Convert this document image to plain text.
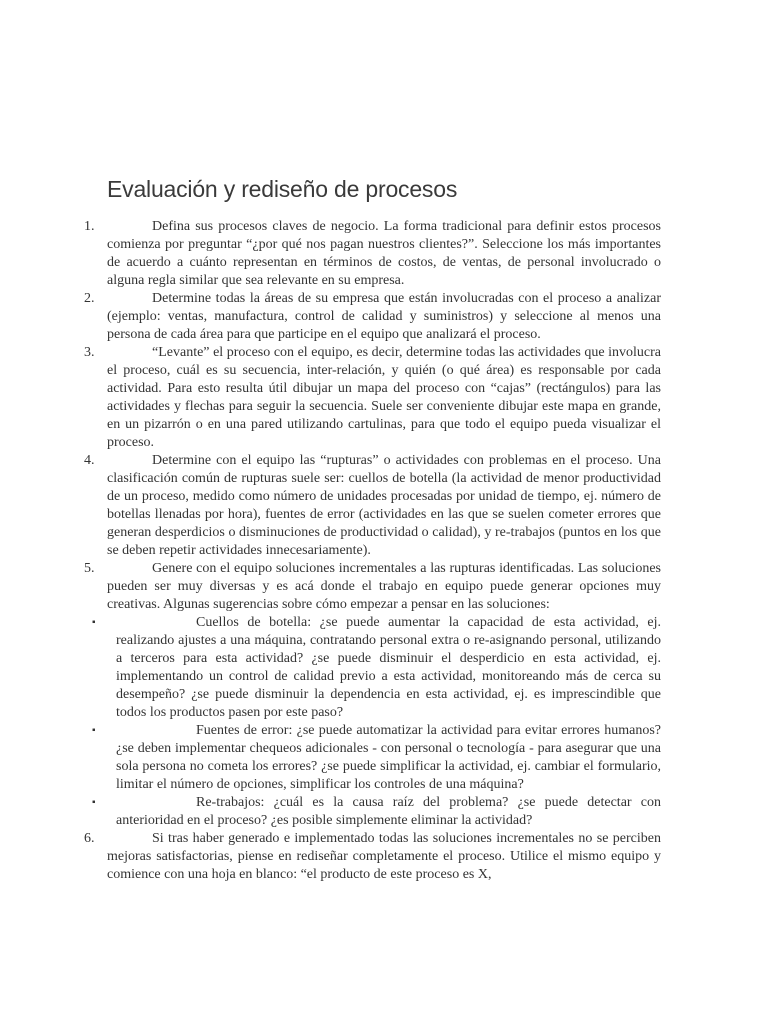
Evaluación y rediseño de procesos
1.	Defina sus procesos claves de negocio. La forma tradicional para definir estos procesos comienza por preguntar “¿por qué nos pagan nuestros clientes?”. Seleccione los más importantes de acuerdo a cuánto representan en términos de costos, de ventas, de personal involucrado o alguna regla similar que sea relevante en su empresa.

2.	Determine todas la áreas de su empresa que están involucradas con el proceso a analizar (ejemplo: ventas, manufactura, control de calidad y suministros) y seleccione al menos una persona de cada área para que participe en el equipo que analizará el proceso.

3.	“Levante” el proceso con el equipo, es decir, determine todas las actividades que involucra el proceso, cuál es su secuencia, inter-relación, y quién (o qué área) es responsable por cada actividad. Para esto resulta útil dibujar un mapa del proceso con “cajas” (rectángulos) para las actividades y flechas para seguir la secuencia. Suele ser conveniente dibujar este mapa en grande, en un pizarrón o en una pared utilizando cartulinas, para que todo el equipo pueda visualizar el proceso.

4.	Determine con el equipo las “rupturas” o actividades con problemas en el proceso. Una clasificación común de rupturas suele ser: cuellos de botella (la actividad de menor productividad de un proceso, medido como número de unidades procesadas por unidad de tiempo, ej. número de botellas llenadas por hora), fuentes de error (actividades en las que se suelen cometer errores que generan desperdicios o disminuciones de productividad o calidad), y re-trabajos (puntos en los que se deben repetir actividades innecesariamente).

5.	Genere con el equipo soluciones incrementales a las rupturas identificadas. Las soluciones pueden ser muy diversas y es acá donde el trabajo en equipo puede generar opciones muy creativas. Algunas sugerencias sobre cómo empezar a pensar en las soluciones:

▪	Cuellos de botella: ¿se puede aumentar la capacidad de esta actividad, ej. realizando ajustes a una máquina, contratando personal extra o re-asignando personal, utilizando a terceros para esta actividad? ¿se puede disminuir el desperdicio en esta actividad, ej. implementando un control de calidad previo a esta actividad, monitoreando más de cerca su desempeño? ¿se puede disminuir la dependencia en esta actividad, ej. es imprescindible que todos los productos pasen por este paso?

▪	Fuentes de error: ¿se puede automatizar la actividad para evitar errores humanos? ¿se deben implementar chequeos adicionales - con personal o tecnología - para asegurar que una sola persona no cometa los errores? ¿se puede simplificar la actividad, ej. cambiar el formulario, limitar el número de opciones, simplificar los controles de una máquina?

▪	Re-trabajos: ¿cuál es la causa raíz del problema? ¿se puede detectar con anterioridad en el proceso? ¿es posible simplemente eliminar la actividad?

6.	Si tras haber generado e implementado todas las soluciones incrementales no se perciben mejoras satisfactorias, piense en rediseñar completamente el proceso. Utilice el mismo equipo y comience con una hoja en blanco: “el producto de este proceso es X,
